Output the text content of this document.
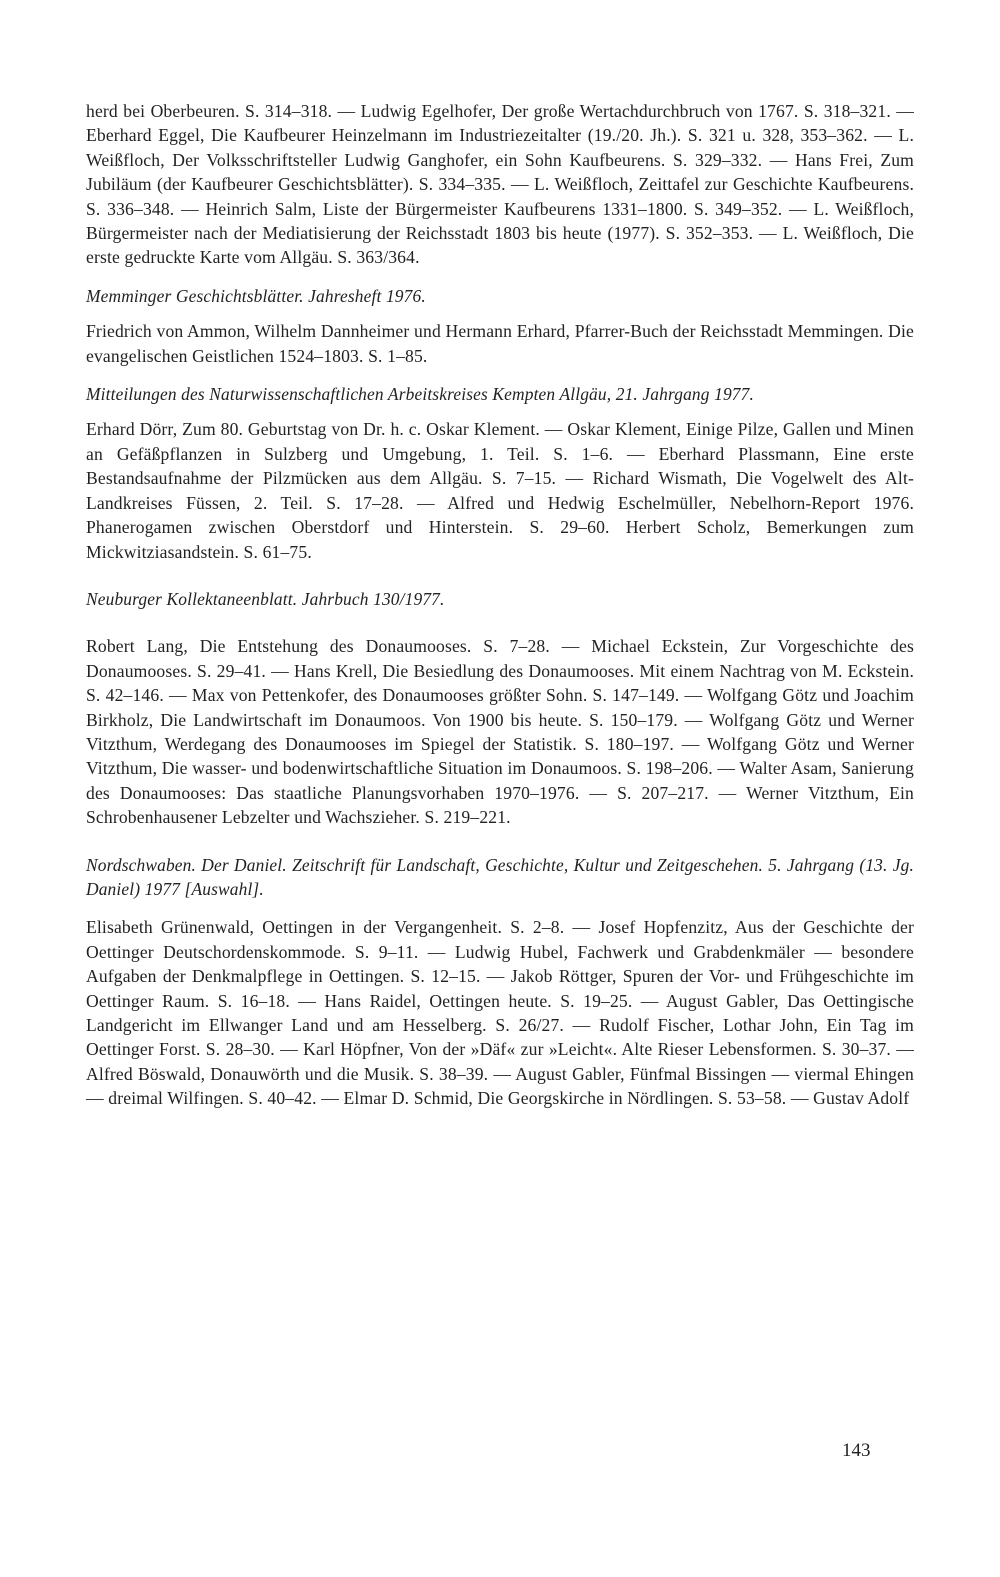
herd bei Oberbeuren. S. 314–318. — Ludwig Egelhofer, Der große Wertachdurchbruch von 1767. S. 318–321. — Eberhard Eggel, Die Kaufbeurer Heinzelmann im Industriezeitalter (19./20. Jh.). S. 321 u. 328, 353–362. — L. Weißfloch, Der Volksschriftsteller Ludwig Ganghofer, ein Sohn Kaufbeurens. S. 329–332. — Hans Frei, Zum Jubiläum (der Kaufbeurer Geschichtsblätter). S. 334–335. — L. Weißfloch, Zeittafel zur Geschichte Kaufbeurens. S. 336–348. — Heinrich Salm, Liste der Bürgermeister Kaufbeurens 1331–1800. S. 349–352. — L. Weißfloch, Bürgermeister nach der Mediatisierung der Reichsstadt 1803 bis heute (1977). S. 352–353. — L. Weißfloch, Die erste gedruckte Karte vom Allgäu. S. 363/364.

Memminger Geschichtsblätter. Jahresheft 1976.

Friedrich von Ammon, Wilhelm Dannheimer und Hermann Erhard, Pfarrer-Buch der Reichsstadt Memmingen. Die evangelischen Geistlichen 1524–1803. S. 1–85.

Mitteilungen des Naturwissenschaftlichen Arbeitskreises Kempten Allgäu, 21. Jahrgang 1977.

Erhard Dörr, Zum 80. Geburtstag von Dr. h. c. Oskar Klement. — Oskar Klement, Einige Pilze, Gallen und Minen an Gefäßpflanzen in Sulzberg und Umgebung, 1. Teil. S. 1–6. — Eberhard Plassmann, Eine erste Bestandsaufnahme der Pilzmücken aus dem Allgäu. S. 7–15. — Richard Wismath, Die Vogelwelt des Alt-Landkreises Füssen, 2. Teil. S. 17–28. — Alfred und Hedwig Eschelmüller, Nebelhorn-Report 1976. Phanerogamen zwischen Oberstdorf und Hinterstein. S. 29–60. Herbert Scholz, Bemerkungen zum Mickwitziasandstein. S. 61–75.

Neuburger Kollektaneenblatt. Jahrbuch 130/1977.

Robert Lang, Die Entstehung des Donaumooses. S. 7–28. — Michael Eckstein, Zur Vorgeschichte des Donaumooses. S. 29–41. — Hans Krell, Die Besiedlung des Donaumooses. Mit einem Nachtrag von M. Eckstein. S. 42–146. — Max von Pettenkofer, des Donaumooses größter Sohn. S. 147–149. — Wolfgang Götz und Joachim Birkholz, Die Landwirtschaft im Donaumoos. Von 1900 bis heute. S. 150–179. — Wolfgang Götz und Werner Vitzthum, Werdegang des Donaumooses im Spiegel der Statistik. S. 180–197. — Wolfgang Götz und Werner Vitzthum, Die wasser- und bodenwirtschaftliche Situation im Donaumoos. S. 198–206. — Walter Asam, Sanierung des Donaumooses: Das staatliche Planungsvorhaben 1970–1976. — S. 207–217. — Werner Vitzthum, Ein Schrobenhausener Lebzelter und Wachszieher. S. 219–221.

Nordschwaben. Der Daniel. Zeitschrift für Landschaft, Geschichte, Kultur und Zeitgeschehen. 5. Jahrgang (13. Jg. Daniel) 1977 [Auswahl].

Elisabeth Grünenwald, Oettingen in der Vergangenheit. S. 2–8. — Josef Hopfenzitz, Aus der Geschichte der Oettinger Deutschordenskommode. S. 9–11. — Ludwig Hubel, Fachwerk und Grabdenkmäler — besondere Aufgaben der Denkmalpflege in Oettingen. S. 12–15. — Jakob Röttger, Spuren der Vor- und Frühgeschichte im Oettinger Raum. S. 16–18. — Hans Raidel, Oettingen heute. S. 19–25. — August Gabler, Das Oettingische Landgericht im Ellwanger Land und am Hesselberg. S. 26/27. — Rudolf Fischer, Lothar John, Ein Tag im Oettinger Forst. S. 28–30. — Karl Höpfner, Von der »Däf« zur »Leicht«. Alte Rieser Lebensformen. S. 30–37. — Alfred Böswald, Donauwörth und die Musik. S. 38–39. — August Gabler, Fünfmal Bissingen — viermal Ehingen — dreimal Wilfingen. S. 40–42. — Elmar D. Schmid, Die Georgskirche in Nördlingen. S. 53–58. — Gustav Adolf

143
